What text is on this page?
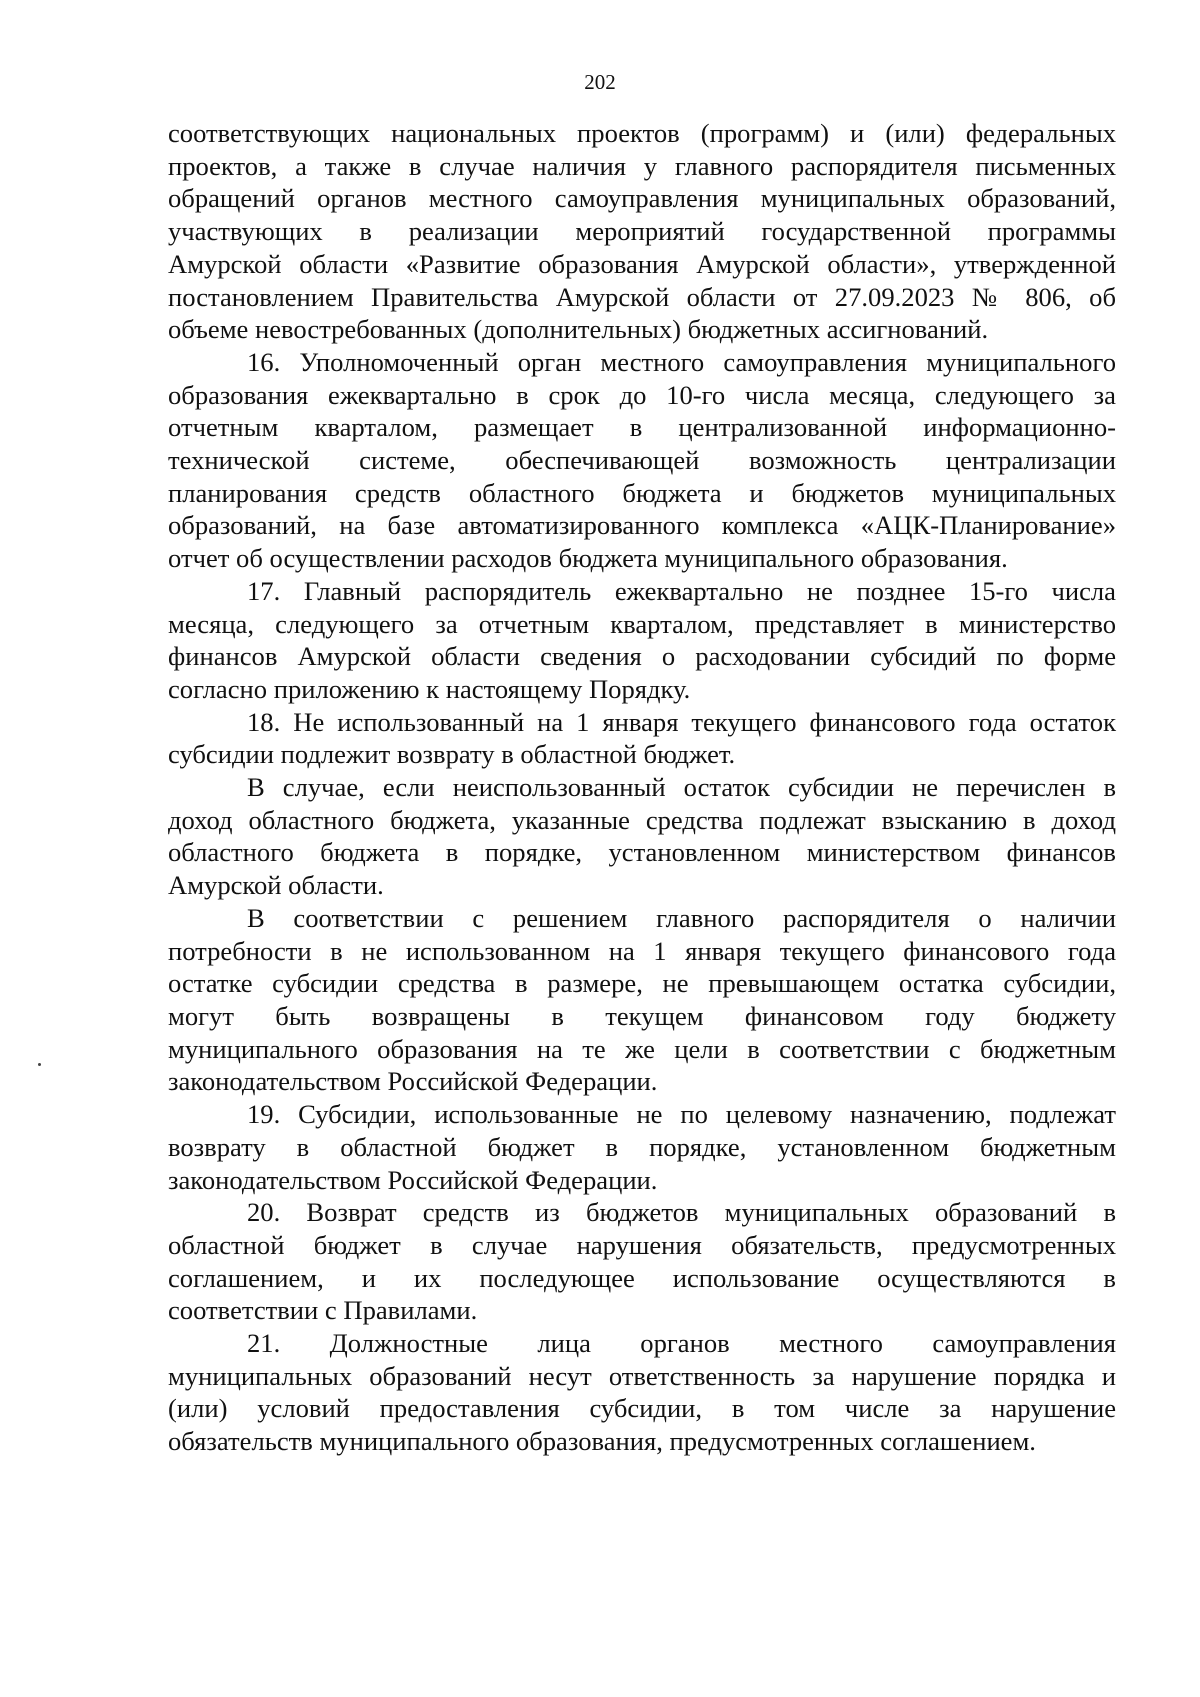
202
соответствующих национальных проектов (программ) и (или) федеральных
проектов, а также в случае наличия у главного распорядителя письменных
обращений органов местного самоуправления муниципальных образований,
участвующих в реализации мероприятий государственной программы
Амурской области «Развитие образования Амурской области», утвержденной
постановлением Правительства Амурской области от 27.09.2023 № 806, об
объеме невостребованных (дополнительных) бюджетных ассигнований.
16. Уполномоченный орган местного самоуправления муниципального
образования ежеквартально в срок до 10-го числа месяца, следующего за
отчетным кварталом, размещает в централизованной информационно-
технической системе, обеспечивающей возможность централизации
планирования средств областного бюджета и бюджетов муниципальных
образований, на базе автоматизированного комплекса «АЦК-Планирование»
отчет об осуществлении расходов бюджета муниципального образования.
17. Главный распорядитель ежеквартально не позднее 15-го числа
месяца, следующего за отчетным кварталом, представляет в министерство
финансов Амурской области сведения о расходовании субсидий по форме
согласно приложению к настоящему Порядку.
18. Не использованный на 1 января текущего финансового года остаток
субсидии подлежит возврату в областной бюджет.
В случае, если неиспользованный остаток субсидии не перечислен в
доход областного бюджета, указанные средства подлежат взысканию в доход
областного бюджета в порядке, установленном министерством финансов
Амурской области.
В соответствии с решением главного распорядителя о наличии
потребности в не использованном на 1 января текущего финансового года
остатке субсидии средства в размере, не превышающем остатка субсидии,
могут быть возвращены в текущем финансовом году бюджету
муниципального образования на те же цели в соответствии с бюджетным
законодательством Российской Федерации.
19. Субсидии, использованные не по целевому назначению, подлежат
возврату в областной бюджет в порядке, установленном бюджетным
законодательством Российской Федерации.
20. Возврат средств из бюджетов муниципальных образований в
областной бюджет в случае нарушения обязательств, предусмотренных
соглашением, и их последующее использование осуществляются в
соответствии с Правилами.
21. Должностные лица органов местного самоуправления
муниципальных образований несут ответственность за нарушение порядка и
(или) условий предоставления субсидии, в том числе за нарушение
обязательств муниципального образования, предусмотренных соглашением.
